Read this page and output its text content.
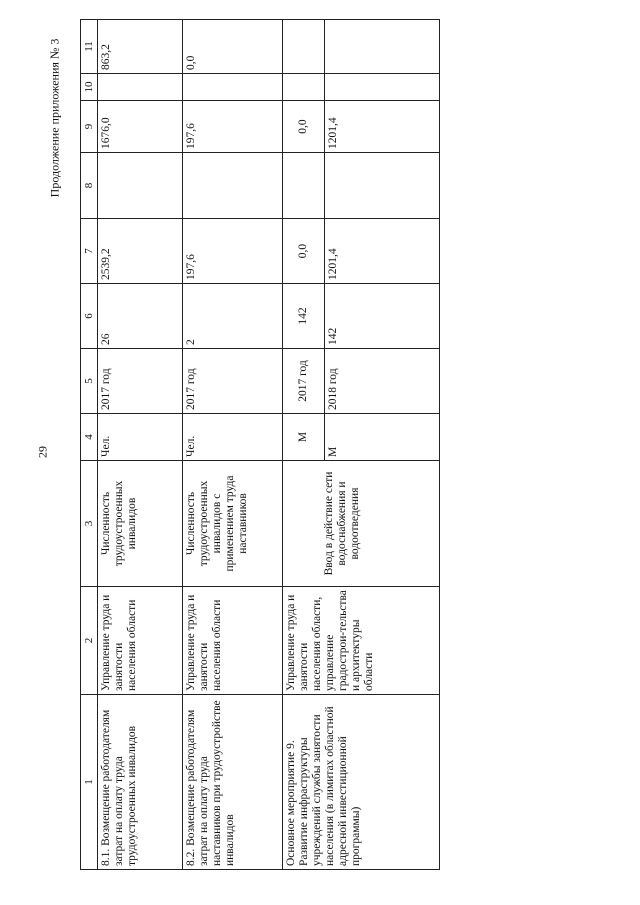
29
Продолжение приложения № 3
1	2	3	4	5	6	7	8	9	10	11
8.1. Возмещение работодателям затрат на оплату труда трудоустроенных инвалидов	Управление труда и занятости населения области	Численность трудоустроенных инвалидов	Чел.	2017 год	26	2539,2		1676,0		863,2
8.2. Возмещение работодателям затрат на оплату труда наставников при трудоустройстве инвалидов	Управление труда и занятости населения области	Численность трудоустроенных инвалидов с применением труда наставников	Чел.	2017 год	2	197,6		197,6		0,0
Основное мероприятие 9. Развитие инфраструктуры учреждений службы занятости населения (в лимитах областной адресной инвестиционной программы)	Управление труда и занятости населения области, управление градострои-тельства и архитектуры области	Ввод в действие сети водоснабжения и водоотведения	М	2017 год	142	0,0		0,0		
			М	2018 год	142	1201,4		1201,4		
